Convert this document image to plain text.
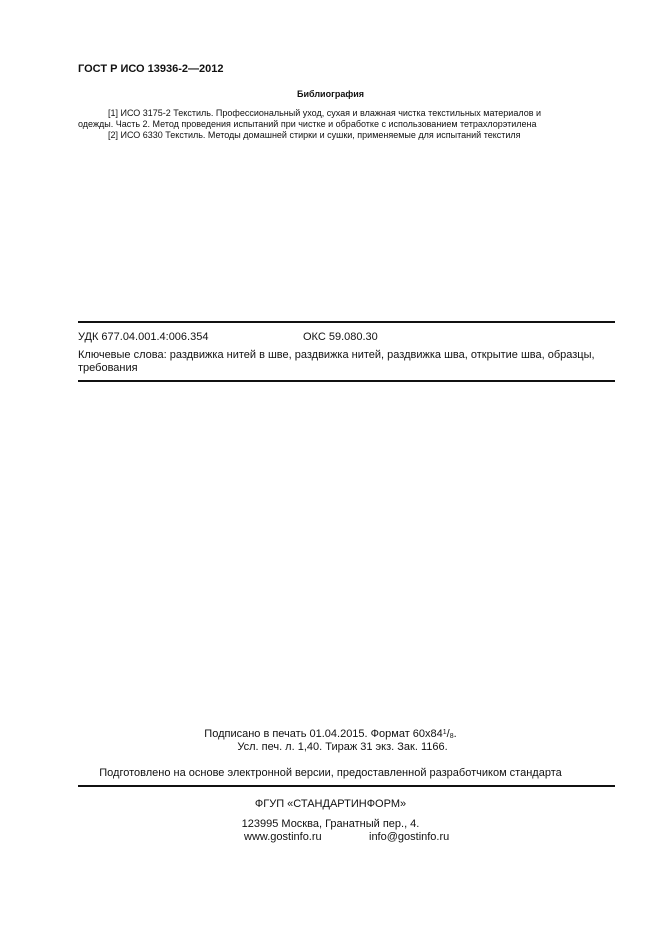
ГОСТ Р ИСО 13936-2—2012
Библиография
[1] ИСО 3175-2 Текстиль. Профессиональный уход, сухая и влажная чистка текстильных материалов и
одежды. Часть 2. Метод проведения испытаний при чистке и обработке с использованием тетрахлорэтилена
[2] ИСО 6330 Текстиль. Методы домашней стирки и сушки, применяемые для испытаний текстиля
УДК 677.04.001.4:006.354	ОКС 59.080.30
Ключевые слова: раздвижка нитей в шве, раздвижка нитей, раздвижка шва, открытие шва, образцы,
требования
Подписано в печать 01.04.2015. Формат $60х84^1/_8$.
Усл. печ. л. 1,40. Тираж 31 экз. Зак. 1166.
Подготовлено на основе электронной версии, предоставленной разработчиком стандарта
ФГУП «СТАНДАРТИНФОРМ»
123995 Москва, Гранатный пер., 4.
www.gostinfo.ru	info@gostinfo.ru
